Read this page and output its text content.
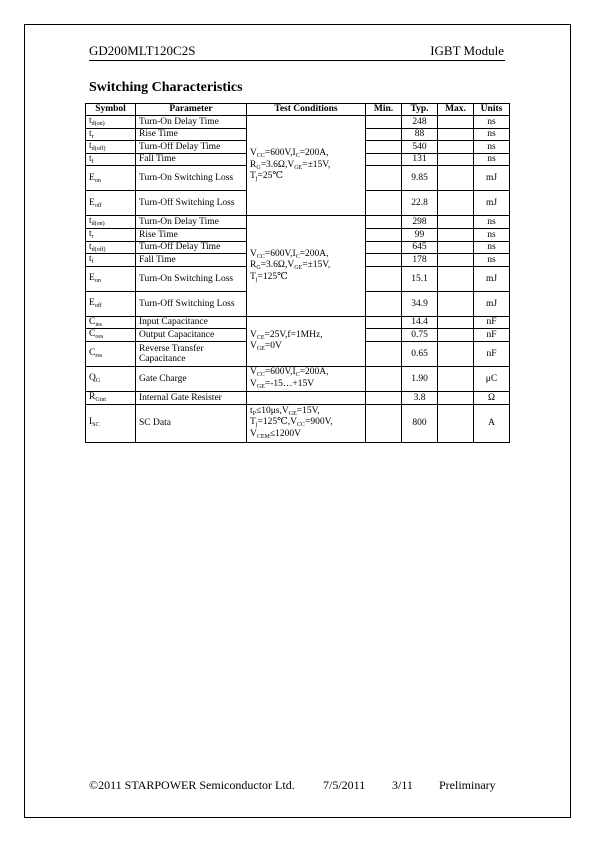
GD200MLT120C2S	IGBT Module
Switching Characteristics
Symbol	Parameter	Test Conditions	Min.	Typ.	Max.	Units
$t_{d(on)}$	Turn-On Delay Time	$V_{CC}=600V,I_C=200A$,
$R_G=3.6\Omega,V_{GE}=\pm 15V$,
$T_j=25℃$		248		ns
$t_r$	Rise Time			88		ns
$t_{d(off)}$	Turn-Off Delay Time			540		ns
$t_f$	Fall Time			131		ns
$E_{on}$	Turn-On Switching Loss			9.85		mJ
$E_{off}$	Turn-Off Switching Loss			22.8		mJ
$t_{d(on)}$	Turn-On Delay Time	$V_{CC}=600V,I_C=200A$,
$R_G=3.6\Omega,V_{GE}=\pm 15V$,
$T_j=125℃$		298		ns
$t_r$	Rise Time			99		ns
$t_{d(off)}$	Turn-Off Delay Time			645		ns
$t_f$	Fall Time			178		ns
$E_{on}$	Turn-On Switching Loss			15.1		mJ
$E_{off}$	Turn-Off Switching Loss			34.9		mJ
$C_{ies}$	Input Capacitance	$V_{CE}=25V,f=1MHz$,
$V_{GE}=0V$		14.4		nF
$C_{oes}$	Output Capacitance			0.75		nF
$C_{res}$	Reverse Transfer Capacitance			0.65		nF
$Q_G$	Gate Charge	$V_{CC}=600V,I_C=200A$,
$V_{GE}=-15\dots+15V$		1.90		μC
$R_{Gint}$	Internal Gate Resister			3.8		Ω
$I_{SC}$	SC Data	$t_P\le 10\mu s,V_{GE}=15V$,
$T_j=125℃,V_{CC}=900V$,
$V_{CEM}\le 1200V$		800		A
©2011 STARPOWER Semiconductor Ltd. 7/5/2011 3/11 Preliminary
